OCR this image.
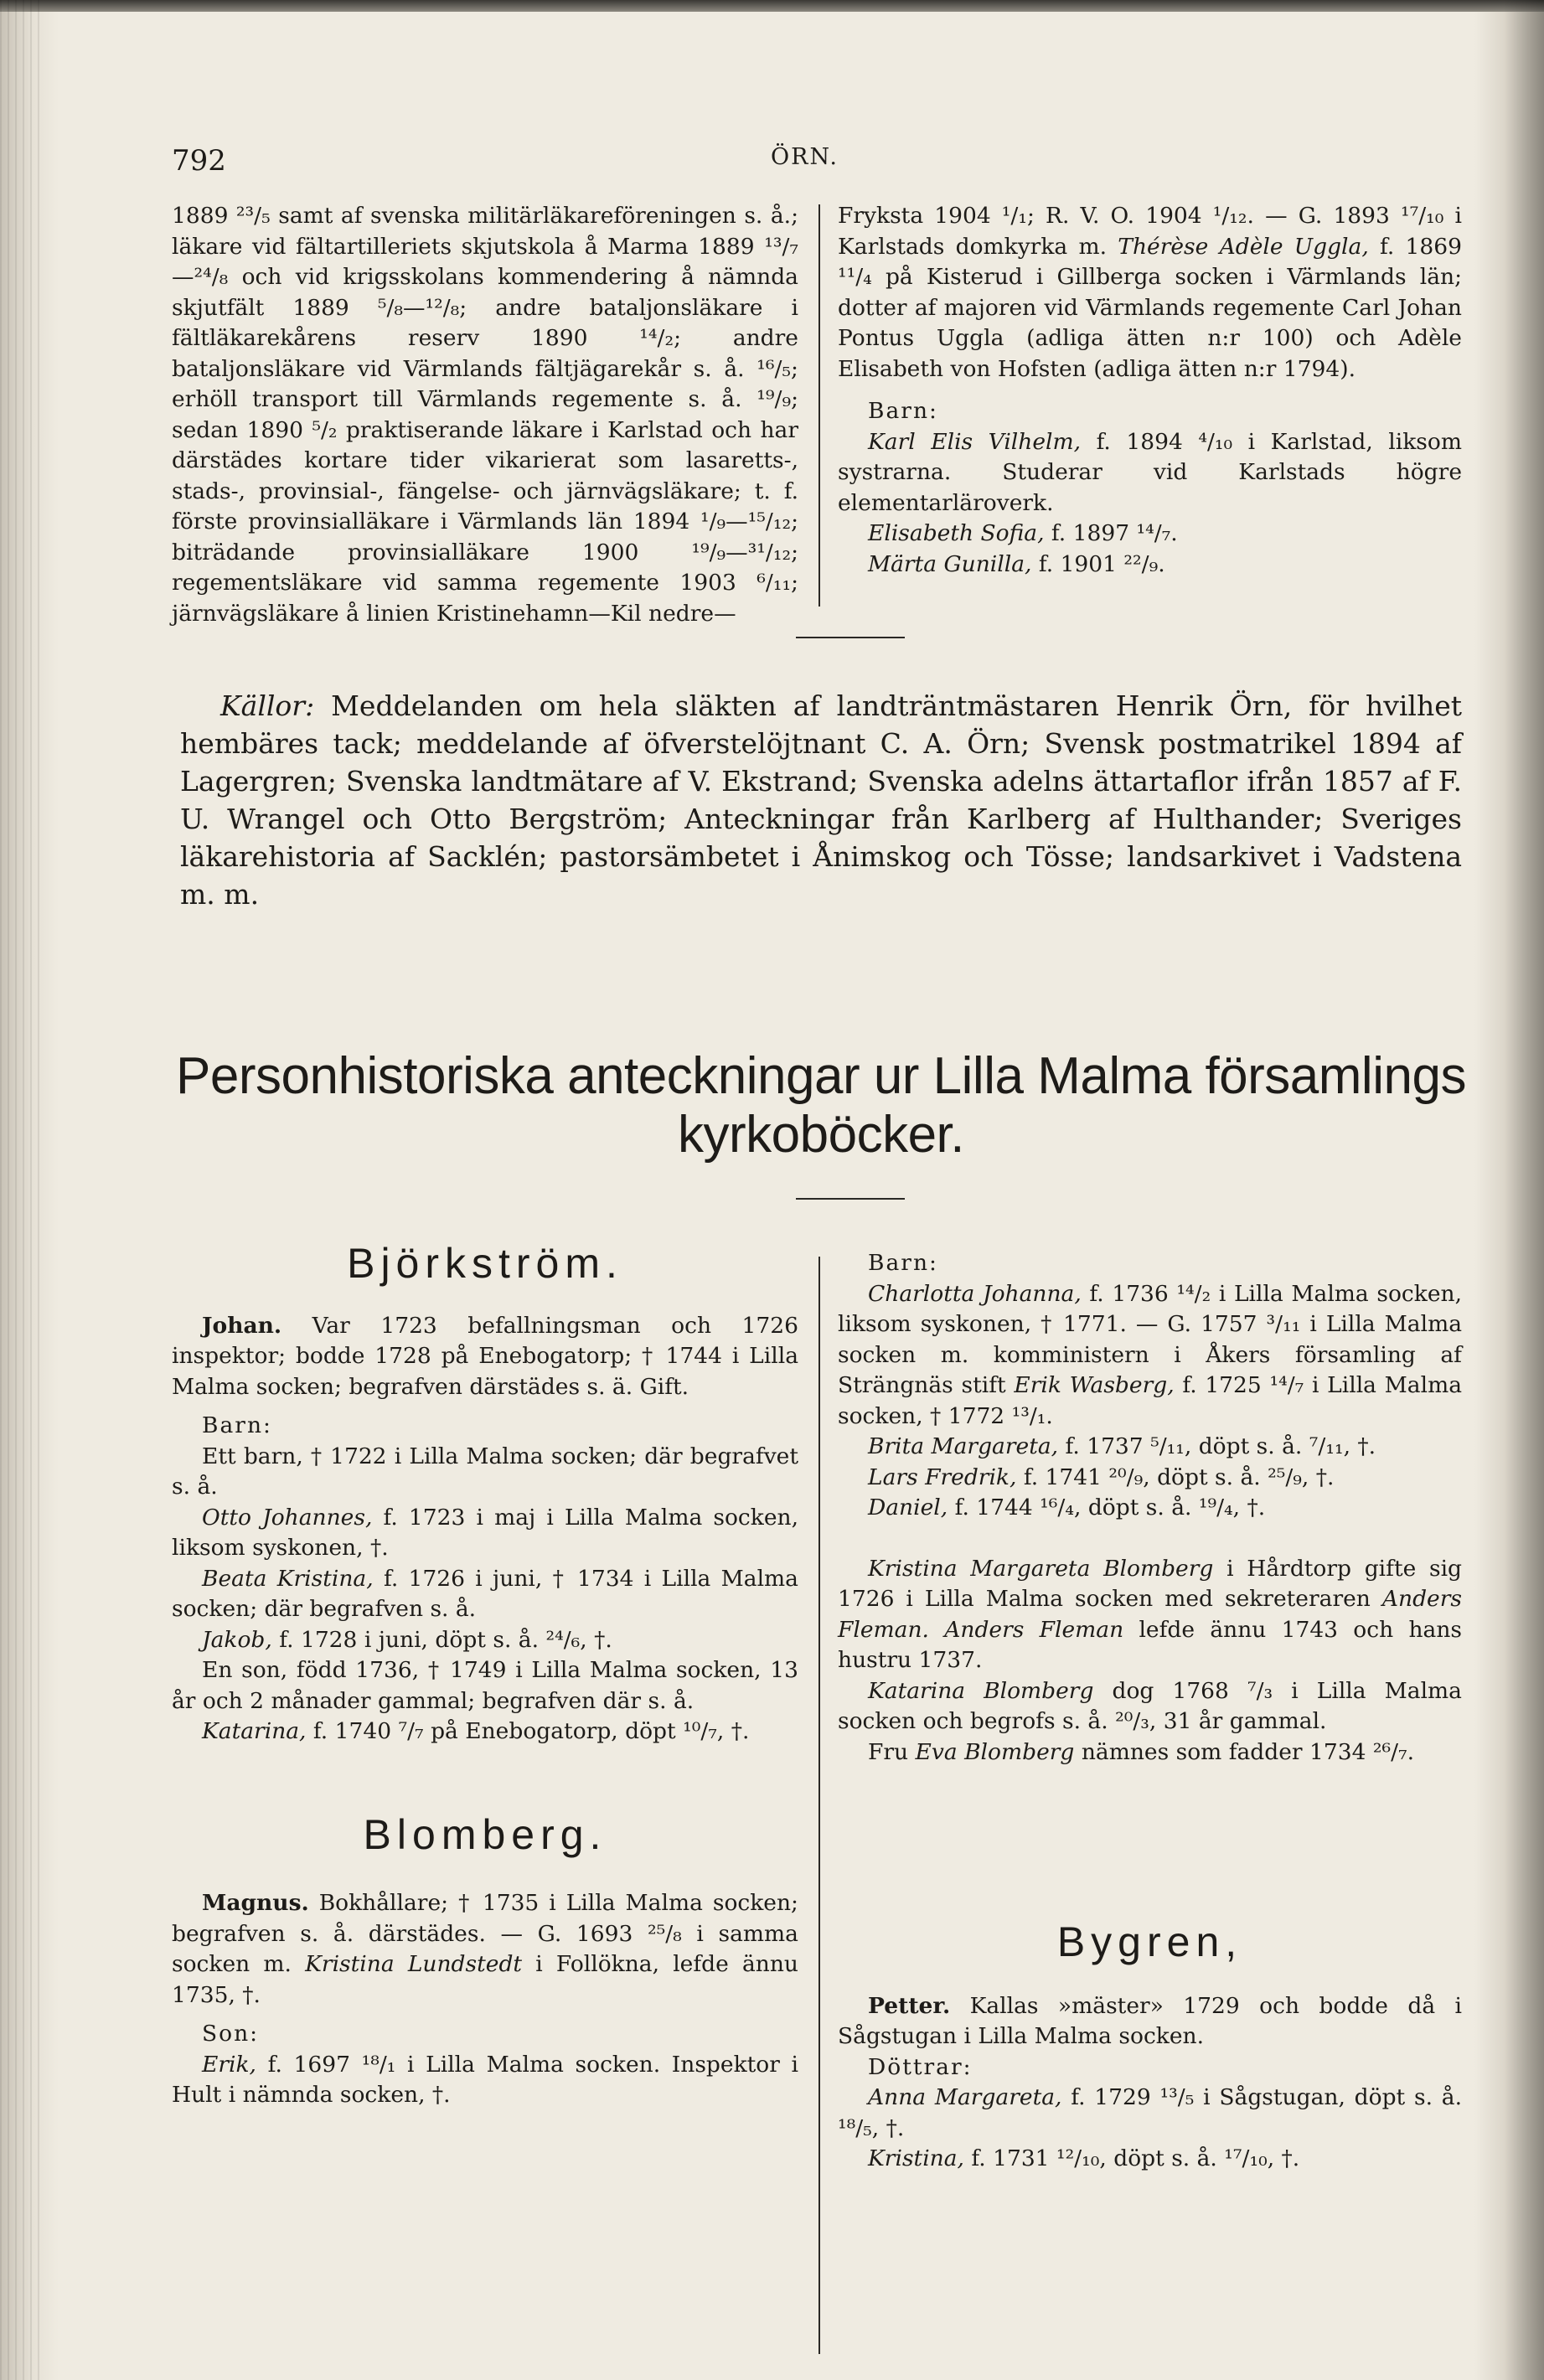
792	ÖRN.

1889 ²³/₅ samt af svenska militärläkareföreningen s. å.; läkare vid fältartilleriets skjutskola å Marma 1889 ¹³/₇—²⁴/₈ och vid krigsskolans kommendering å nämnda skjutfält 1889 ⁵/₈—¹²/₈; andre bataljonsläkare i fältläkarekårens reserv 1890 ¹⁴/₂; andre bataljonsläkare vid Värmlands fältjägarekår s. å. ¹⁶/₅; erhöll transport till Värmlands regemente s. å. ¹⁹/₉; sedan 1890 ⁵/₂ praktiserande läkare i Karlstad och har därstädes kortare tider vikarierat som lasaretts-, stads-, provinsial-, fängelse- och järnvägsläkare; t. f. förste provinsialläkare i Värmlands län 1894 ¹/₉—¹⁵/₁₂; biträdande provinsialläkare 1900 ¹⁹/₉—³¹/₁₂; regementsläkare vid samma regemente 1903 ⁶/₁₁; järnvägsläkare å linien Kristinehamn—Kil nedre—

Fryksta 1904 ¹/₁; R. V. O. 1904 ¹/₁₂. — G. 1893 ¹⁷/₁₀ i Karlstads domkyrka m. Thérèse Adèle Uggla, f. 1869 ¹¹/₄ på Kisterud i Gillberga socken i Värmlands län; dotter af majoren vid Värmlands regemente Carl Johan Pontus Uggla (adliga ätten n:r 100) och Adèle Elisabeth von Hofsten (adliga ätten n:r 1794).

Barn:

Karl Elis Vilhelm, f. 1894 ⁴/₁₀ i Karlstad, liksom systrarna. Studerar vid Karlstads högre elementarläroverk.

Elisabeth Sofia, f. 1897 ¹⁴/₇.

Märta Gunilla, f. 1901 ²²/₉.

Källor: Meddelanden om hela släkten af landträntmästaren Henrik Örn, för hvilhet hembäres tack; meddelande af öfverstelöjtnant C. A. Örn; Svensk postmatrikel 1894 af Lagergren; Svenska landtmätare af V. Ekstrand; Svenska adelns ättartaflor ifrån 1857 af F. U. Wrangel och Otto Bergström; Anteckningar från Karlberg af Hulthander; Sveriges läkarehistoria af Sacklén; pastorsämbetet i Ånimskog och Tösse; landsarkivet i Vadstena m. m.

Personhistoriska anteckningar ur Lilla Malma församlings kyrkoböcker.
Björkström.

Johan. Var 1723 befallningsman och 1726 inspektor; bodde 1728 på Enebogatorp; † 1744 i Lilla Malma socken; begrafven därstädes s. ä. Gift.

Barn:

Ett barn, † 1722 i Lilla Malma socken; där begrafvet s. å.

Otto Johannes, f. 1723 i maj i Lilla Malma socken, liksom syskonen, †.

Beata Kristina, f. 1726 i juni, † 1734 i Lilla Malma socken; där begrafven s. å.

Jakob, f. 1728 i juni, döpt s. å. ²⁴/₆, †.

En son, född 1736, † 1749 i Lilla Malma socken, 13 år och 2 månader gammal; begrafven där s. å.

Katarina, f. 1740 ⁷/₇ på Enebogatorp, döpt ¹⁰/₇, †.

Blomberg.

Magnus. Bokhållare; † 1735 i Lilla Malma socken; begrafven s. å. därstädes. — G. 1693 ²⁵/₈ i samma socken m. Kristina Lundstedt i Follökna, lefde ännu 1735, †.

Son:

Erik, f. 1697 ¹⁸/₁ i Lilla Malma socken. Inspektor i Hult i nämnda socken, †.

Barn:

Charlotta Johanna, f. 1736 ¹⁴/₂ i Lilla Malma socken, liksom syskonen, † 1771. — G. 1757 ³/₁₁ i Lilla Malma socken m. komministern i Åkers församling af Strängnäs stift Erik Wasberg, f. 1725 ¹⁴/₇ i Lilla Malma socken, † 1772 ¹³/₁.

Brita Margareta, f. 1737 ⁵/₁₁, döpt s. å. ⁷/₁₁, †.

Lars Fredrik, f. 1741 ²⁰/₉, döpt s. å. ²⁵/₉, †.

Daniel, f. 1744 ¹⁶/₄, döpt s. å. ¹⁹/₄, †.

Kristina Margareta Blomberg i Hårdtorp gifte sig 1726 i Lilla Malma socken med sekreteraren Anders Fleman. Anders Fleman lefde ännu 1743 och hans hustru 1737.

Katarina Blomberg dog 1768 ⁷/₃ i Lilla Malma socken och begrofs s. å. ²⁰/₃, 31 år gammal.

Fru Eva Blomberg nämnes som fadder 1734 ²⁶/₇.

Bygren,

Petter. Kallas »mäster» 1729 och bodde då i Sågstugan i Lilla Malma socken.

Döttrar:

Anna Margareta, f. 1729 ¹³/₅ i Sågstugan, döpt s. å. ¹⁸/₅, †.

Kristina, f. 1731 ¹²/₁₀, döpt s. å. ¹⁷/₁₀, †.
